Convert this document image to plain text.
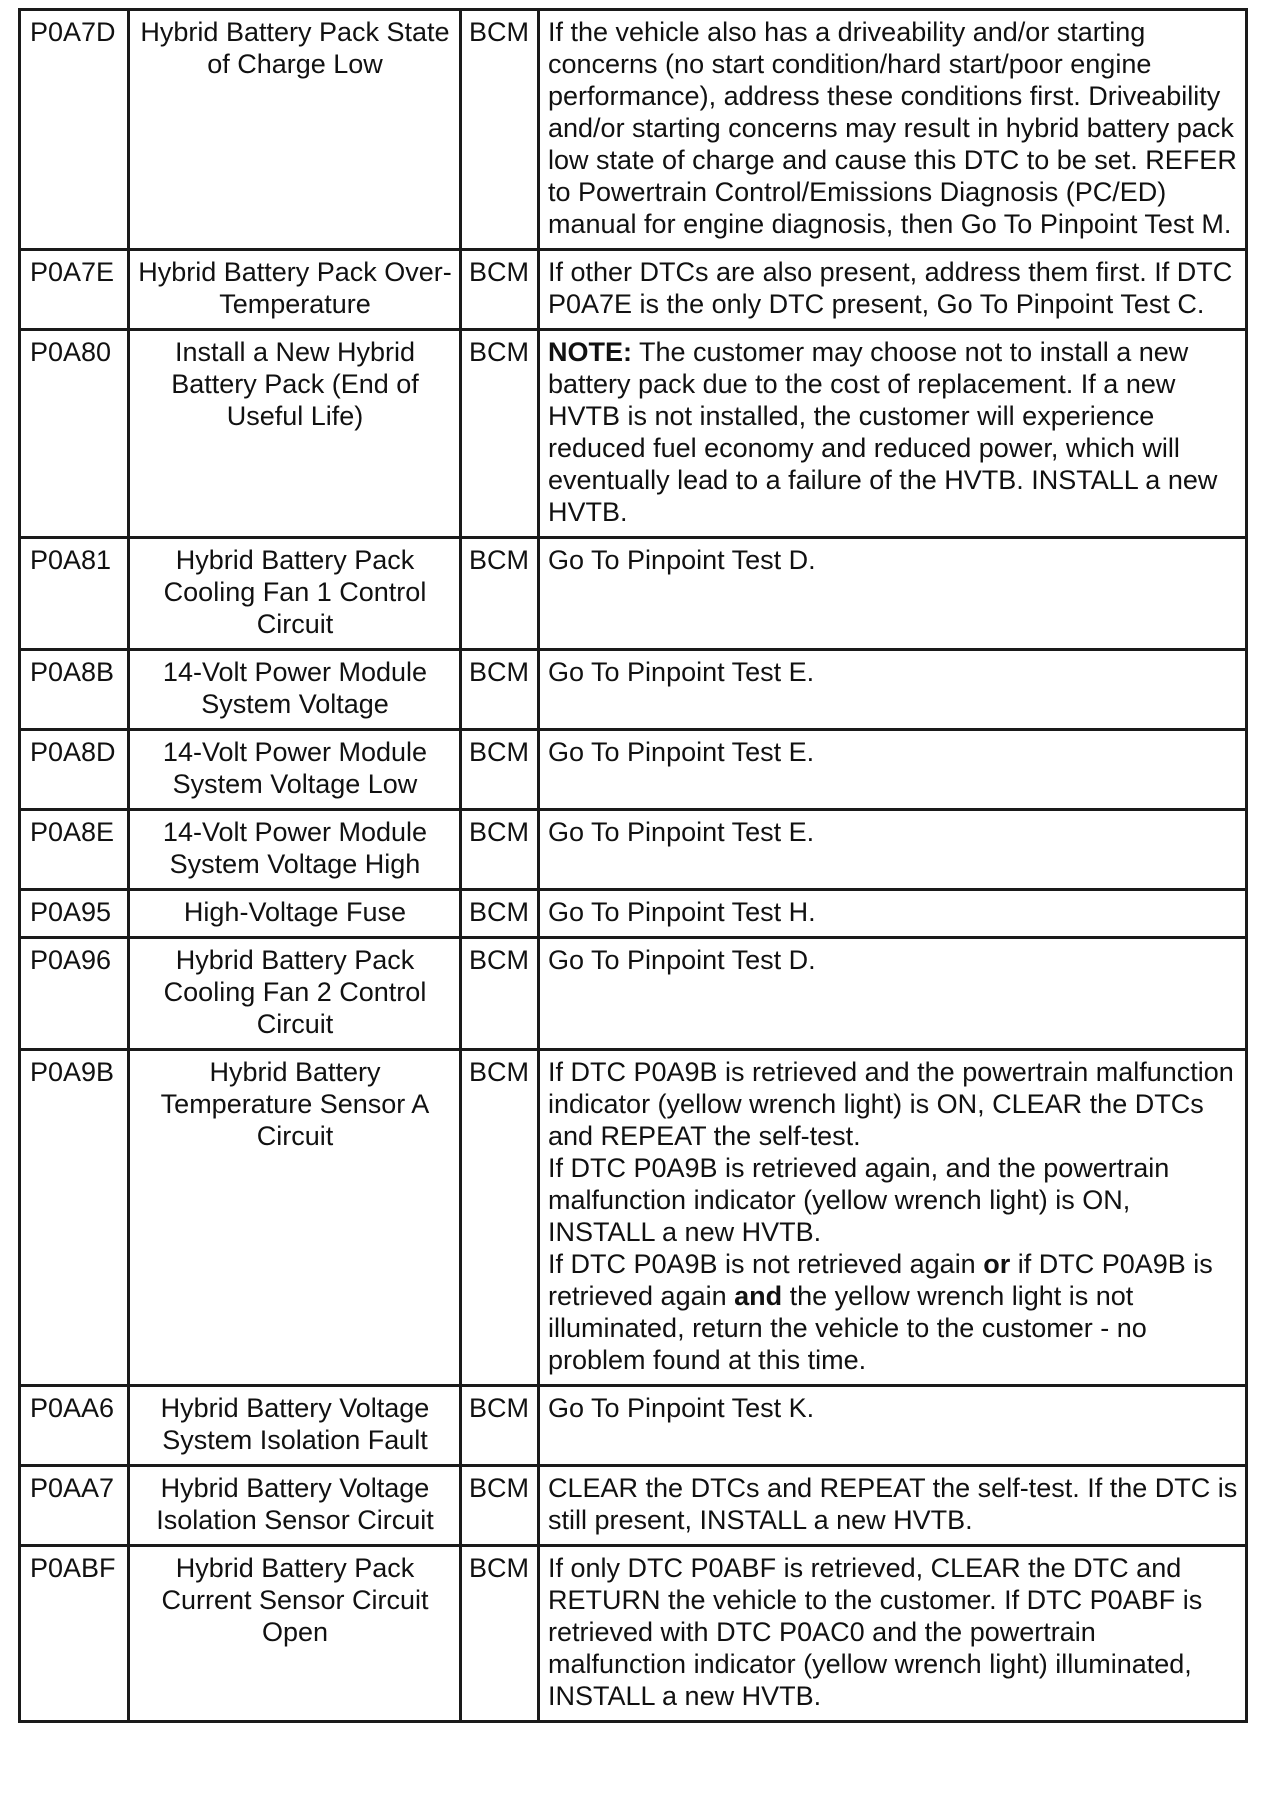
P0A7D	Hybrid Battery Pack State of Charge Low	BCM	If the vehicle also has a driveability and/or starting concerns (no start condition/hard start/poor engine performance), address these conditions first. Driveability and/or starting concerns may result in hybrid battery pack low state of charge and cause this DTC to be set. REFER to Powertrain Control/Emissions Diagnosis (PC/ED) manual for engine diagnosis, then Go To Pinpoint Test M.

P0A7E	Hybrid Battery Pack Over-Temperature	BCM	If other DTCs are also present, address them first. If DTC P0A7E is the only DTC present, Go To Pinpoint Test C.

P0A80	Install a New Hybrid Battery Pack (End of Useful Life)	BCM	NOTE: The customer may choose not to install a new battery pack due to the cost of replacement. If a new HVTB is not installed, the customer will experience reduced fuel economy and reduced power, which will eventually lead to a failure of the HVTB. INSTALL a new HVTB.

P0A81	Hybrid Battery Pack Cooling Fan 1 Control Circuit	BCM	Go To Pinpoint Test D.

P0A8B	14-Volt Power Module System Voltage	BCM	Go To Pinpoint Test E.

P0A8D	14-Volt Power Module System Voltage Low	BCM	Go To Pinpoint Test E.

P0A8E	14-Volt Power Module System Voltage High	BCM	Go To Pinpoint Test E.

P0A95	High-Voltage Fuse	BCM	Go To Pinpoint Test H.

P0A96	Hybrid Battery Pack Cooling Fan 2 Control Circuit	BCM	Go To Pinpoint Test D.

P0A9B	Hybrid Battery Temperature Sensor A Circuit	BCM	If DTC P0A9B is retrieved and the powertrain malfunction indicator (yellow wrench light) is ON, CLEAR the DTCs and REPEAT the self-test.
If DTC P0A9B is retrieved again, and the powertrain malfunction indicator (yellow wrench light) is ON, INSTALL a new HVTB.
If DTC P0A9B is not retrieved again or if DTC P0A9B is retrieved again and the yellow wrench light is not illuminated, return the vehicle to the customer - no problem found at this time.

P0AA6	Hybrid Battery Voltage System Isolation Fault	BCM	Go To Pinpoint Test K.

P0AA7	Hybrid Battery Voltage Isolation Sensor Circuit	BCM	CLEAR the DTCs and REPEAT the self-test. If the DTC is still present, INSTALL a new HVTB.

P0ABF	Hybrid Battery Pack Current Sensor Circuit Open	BCM	If only DTC P0ABF is retrieved, CLEAR the DTC and RETURN the vehicle to the customer. If DTC P0ABF is retrieved with DTC P0AC0 and the powertrain malfunction indicator (yellow wrench light) illuminated, INSTALL a new HVTB.
